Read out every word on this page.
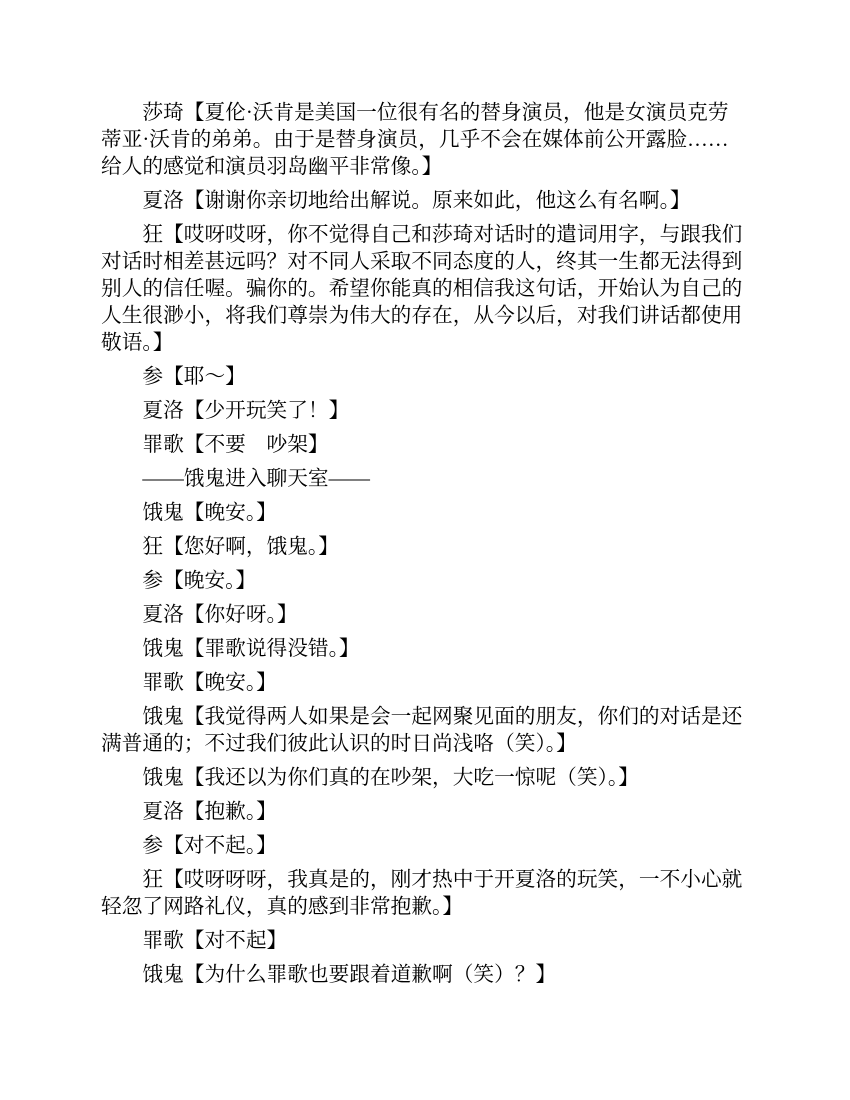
莎琦【夏伦·沃肯是美国一位很有名的替身演员，他是女演员克劳蒂亚·沃肯的弟弟。由于是替身演员，几乎不会在媒体前公开露脸……给人的感觉和演员羽岛幽平非常像。】

夏洛【谢谢你亲切地给出解说。原来如此，他这么有名啊。】

狂【哎呀哎呀，你不觉得自己和莎琦对话时的遣词用字，与跟我们对话时相差甚远吗？对不同人采取不同态度的人，终其一生都无法得到别人的信任喔。骗你的。希望你能真的相信我这句话，开始认为自己的人生很渺小，将我们尊崇为伟大的存在，从今以后，对我们讲话都使用敬语。】

参【耶～】

夏洛【少开玩笑了！】

罪歌【不要　吵架】

——饿鬼进入聊天室——

饿鬼【晚安。】

狂【您好啊，饿鬼。】

参【晚安。】

夏洛【你好呀。】

饿鬼【罪歌说得没错。】

罪歌【晚安。】

饿鬼【我觉得两人如果是会一起网聚见面的朋友，你们的对话是还满普通的；不过我们彼此认识的时日尚浅咯（笑）。】

饿鬼【我还以为你们真的在吵架，大吃一惊呢（笑）。】

夏洛【抱歉。】

参【对不起。】

狂【哎呀呀呀，我真是的，刚才热中于开夏洛的玩笑，一不小心就轻忽了网路礼仪，真的感到非常抱歉。】

罪歌【对不起】

饿鬼【为什么罪歌也要跟着道歉啊（笑）？】
